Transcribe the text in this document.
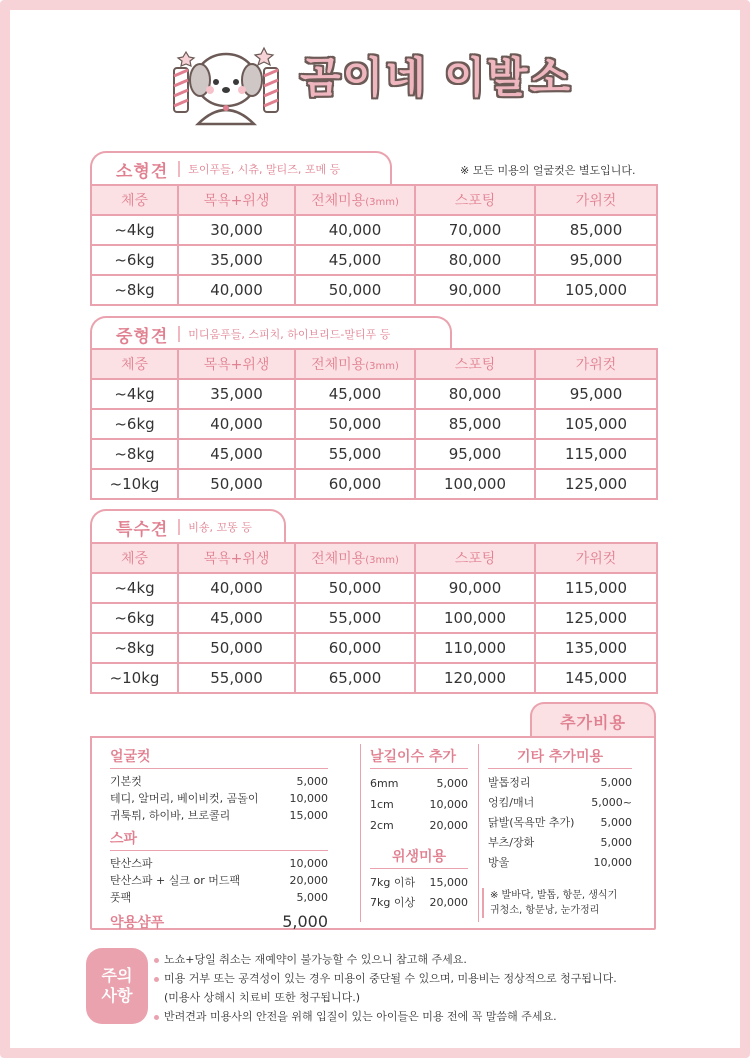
곰이네 이발소
※ 모든 미용의 얼굴컷은 별도입니다.
소형견	토이푸들, 시츄, 말티즈, 포메 등
체중	목욕+위생	전체미용(3mm)	스포팅	가위컷
~4kg	30,000	40,000	70,000	85,000
~6kg	35,000	45,000	80,000	95,000
~8kg	40,000	50,000	90,000	105,000
중형견	미디움푸들, 스피치, 하이브리드-말티푸 등
체중	목욕+위생	전체미용(3mm)	스포팅	가위컷
~4kg	35,000	45,000	80,000	95,000
~6kg	40,000	50,000	85,000	105,000
~8kg	45,000	55,000	95,000	115,000
~10kg	50,000	60,000	100,000	125,000
특수견	비숑, 꼬똥 등
체중	목욕+위생	전체미용(3mm)	스포팅	가위컷
~4kg	40,000	50,000	90,000	115,000
~6kg	45,000	55,000	100,000	125,000
~8kg	50,000	60,000	110,000	135,000
~10kg	55,000	65,000	120,000	145,000
추가비용
얼굴컷
기본컷	5,000
테디, 알머리, 베이비컷, 곰돌이	10,000
귀툭튀, 하이바, 브로콜리	15,000
스파
탄산스파	10,000
탄산스파 + 실크 or 머드팩	20,000
풋팩	5,000
약용샴푸	5,000
날길이수 추가
6mm	5,000
1cm	10,000
2cm	20,000
위생미용
7kg 이하 15,000
7kg 이상 20,000
기타 추가미용
발톱정리	5,000
엉킴/매너	5,000~
닭발(목욕만 추가) 5,000
부츠/장화	5,000
방울	10,000
※ 발바닥, 발톱, 항문, 생식기
귀청소, 항문낭, 눈가정리
주의
사항
노쇼+당일 취소는 재예약이 불가능할 수 있으니 참고해 주세요.
미용 거부 또는 공격성이 있는 경우 미용이 중단될 수 있으며, 미용비는 정상적으로 청구됩니다.
(미용사 상해시 치료비 또한 청구됩니다.)
반려견과 미용사의 안전을 위해 입질이 있는 아이들은 미용 전에 꼭 말씀해 주세요.
